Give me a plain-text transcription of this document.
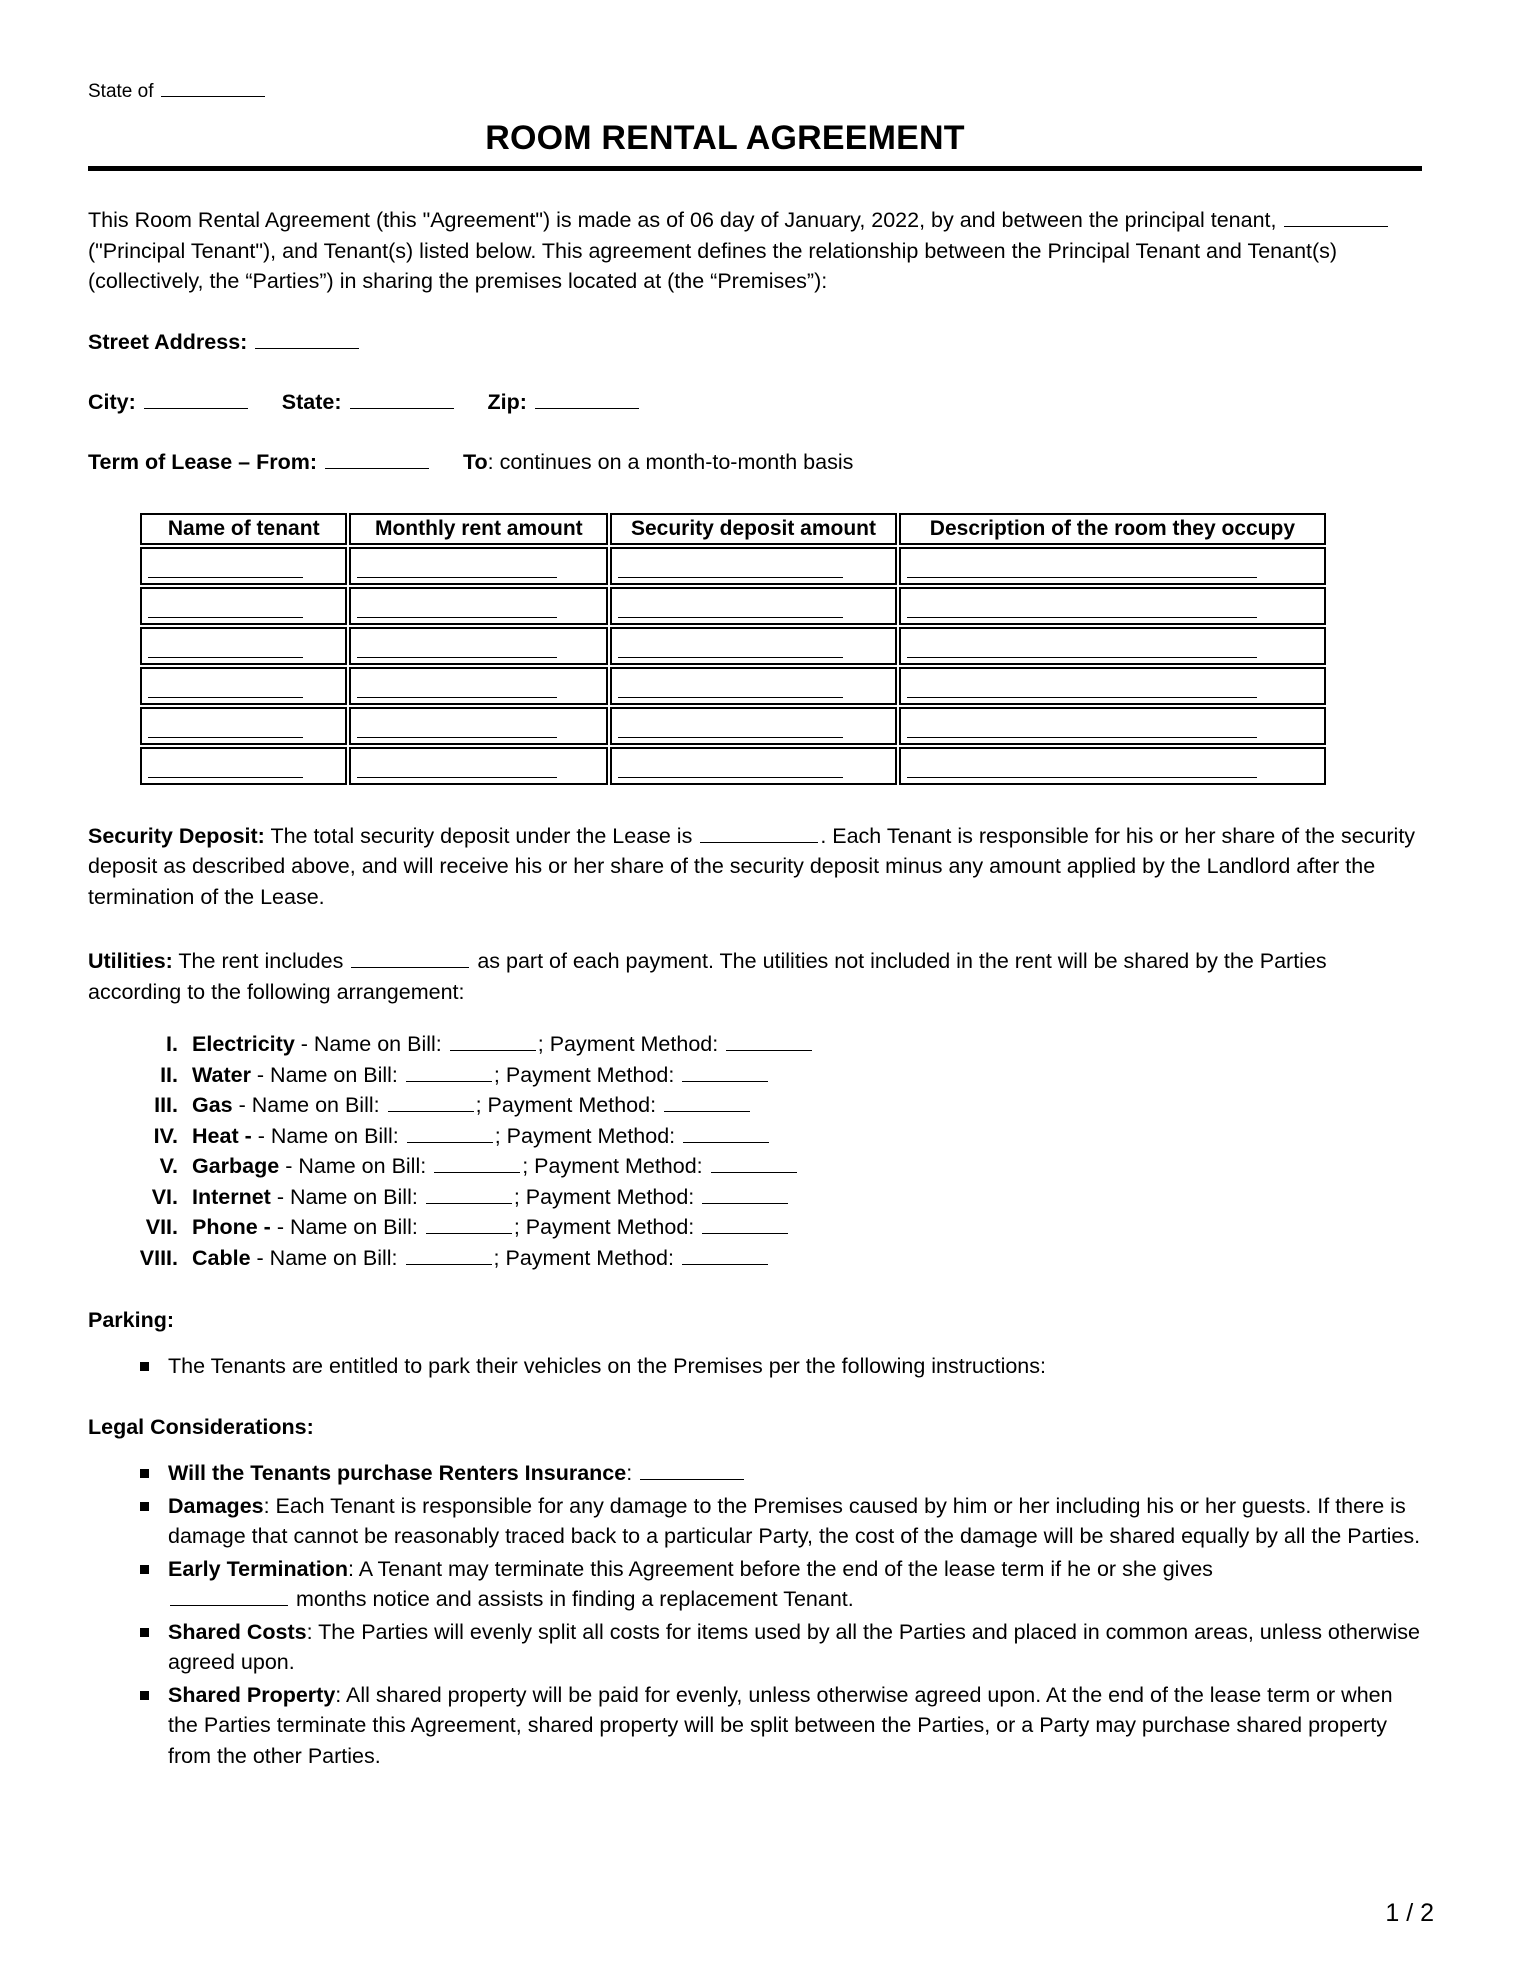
State of
ROOM RENTAL AGREEMENT

This Room Rental Agreement (this "Agreement") is made as of 06 day of January, 2022, by and between the principal tenant,  ("Principal Tenant"), and Tenant(s) listed below. This agreement defines the relationship between the Principal Tenant and Tenant(s) (collectively, the “Parties”) in sharing the premises located at (the “Premises”):

Street Address:

City:	State:	Zip:

Term of Lease – From:	To: continues on a month-to-month basis

Name of tenant	Monthly rent amount	Security deposit amount	Description of the room they occupy

Security Deposit: The total security deposit under the Lease is	. Each Tenant is responsible for his or her share of the security deposit as described above, and will receive his or her share of the security deposit minus any amount applied by the Landlord after the termination of the Lease.

Utilities: The rent includes	as part of each payment. The utilities not included in the rent will be shared by the Parties according to the following arrangement:

I. Electricity - Name on Bill:	; Payment Method:
II. Water - Name on Bill:	; Payment Method:
III. Gas - Name on Bill:	; Payment Method:
IV. Heat - - Name on Bill:	; Payment Method:
V. Garbage - Name on Bill:	; Payment Method:
VI. Internet - Name on Bill:	; Payment Method:
VII. Phone - - Name on Bill:	; Payment Method:
VIII. Cable - Name on Bill:	; Payment Method:

Parking:

The Tenants are entitled to park their vehicles on the Premises per the following instructions:

Legal Considerations:

Will the Tenants purchase Renters Insurance:
Damages: Each Tenant is responsible for any damage to the Premises caused by him or her including his or her guests. If there is damage that cannot be reasonably traced back to a particular Party, the cost of the damage will be shared equally by all the Parties.
Early Termination: A Tenant may terminate this Agreement before the end of the lease term if he or she gives
months notice and assists in finding a replacement Tenant.
Shared Costs: The Parties will evenly split all costs for items used by all the Parties and placed in common areas, unless otherwise agreed upon.
Shared Property: All shared property will be paid for evenly, unless otherwise agreed upon. At the end of the lease term or when the Parties terminate this Agreement, shared property will be split between the Parties, or a Party may purchase shared property from the other Parties.
1 / 2
